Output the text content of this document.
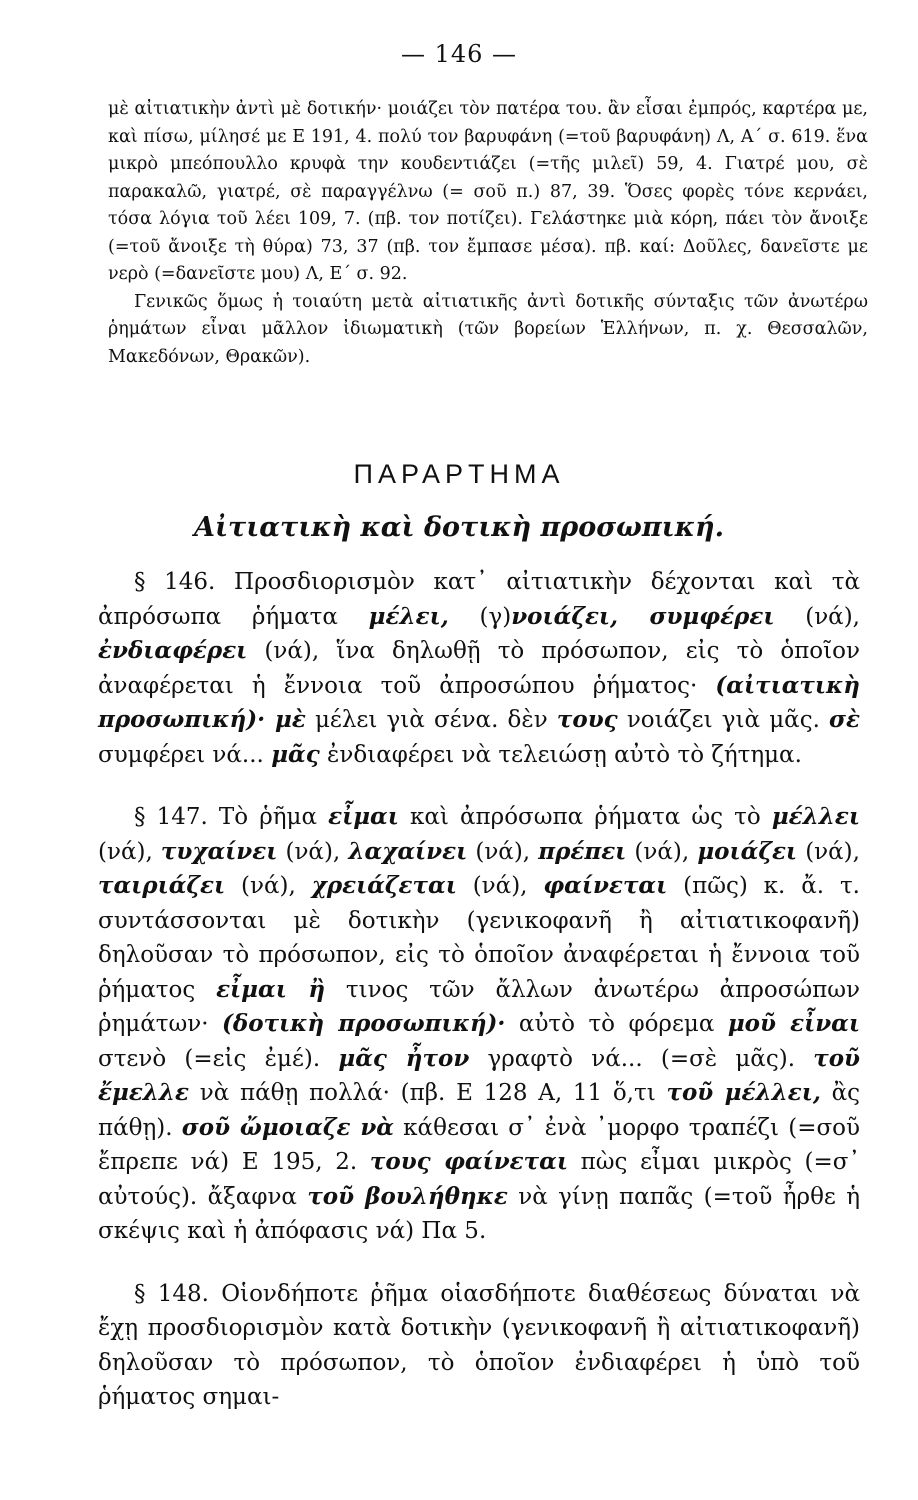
— 146 —

μὲ αἰτιατικὴν ἀντὶ μὲ δοτικήν· μοιάζει τὸν πατέρα του. ἂν εἶσαι ἐμπρός, καρτέρα με, καὶ πίσω, μίλησέ με Ε 191, 4. πολύ τον βαρυφάνη (=τοῦ βαρυφάνη) Λ, Α΄ σ. 619. ἕνα μικρὸ μπεόπουλλο κρυφὰ την κουδεντιάζει (=τῆς μιλεῖ) 59, 4. Γιατρέ μου, σὲ παρακαλῶ, γιατρέ, σὲ παραγγέλνω (= σοῦ π.) 87, 39. Ὅσες φορὲς τόνε κερνάει, τόσα λόγια τοῦ λέει 109, 7. (πβ. τον ποτίζει). Γελάστηκε μιὰ κόρη, πάει τὸν ἄνοιξε (=τοῦ ἄνοιξε τὴ θύρα) 73, 37 (πβ. τον ἔμπασε μέσα). πβ. καί: Δοῦλες, δανεῖστε με νερὸ (=δανεῖστε μου) Λ, Ε΄ σ. 92.

Γενικῶς ὅμως ἡ τοιαύτη μετὰ αἰτιατικῆς ἀντὶ δοτικῆς σύνταξις τῶν ἀνωτέρω ῥημάτων εἶναι μᾶλλον ἰδιωματικὴ (τῶν βορείων Ἑλλήνων, π. χ. Θεσσαλῶν, Μακεδόνων, Θρακῶν).

ΠΑΡΑΡΤΗΜΑ
Αἰτιατικὴ καὶ δοτικὴ προσωπική.

§ 146. Προσδιορισμὸν κατ᾽ αἰτιατικὴν δέχονται καὶ τὰ ἀπρόσωπα ῥήματα μέλει, (γ)νοιάζει, συμφέρει (νά), ἐνδιαφέρει (νά), ἵνα δηλωθῇ τὸ πρόσωπον, εἰς τὸ ὁποῖον ἀναφέρεται ἡ ἔννοια τοῦ ἀπροσώπου ῥήματος· (αἰτιατικὴ προσωπική)· μὲ μέλει γιὰ σένα. δὲν τους νοιάζει γιὰ μᾶς. σὲ συμφέρει νά... μᾶς ἐνδιαφέρει νὰ τελειώσῃ αὐτὸ τὸ ζήτημα.

§ 147. Τὸ ῥῆμα εἶμαι καὶ ἀπρόσωπα ῥήματα ὡς τὸ μέλλει (νά), τυχαίνει (νά), λαχαίνει (νά), πρέπει (νά), μοιάζει (νά), ταιριάζει (νά), χρειάζεται (νά), φαίνεται (πῶς) κ. ἄ. τ. συντάσσονται μὲ δοτικὴν (γενικοφανῆ ἢ αἰτιατικοφανῆ) δηλοῦσαν τὸ πρόσωπον, εἰς τὸ ὁποῖον ἀναφέρεται ἡ ἔννοια τοῦ ῥήματος εἶμαι ἢ τινος τῶν ἄλλων ἀνωτέρω ἀπροσώπων ῥημάτων· (δοτικὴ προσωπική)· αὐτὸ τὸ φόρεμα μοῦ εἶναι στενὸ (=εἰς ἐμέ). μᾶς ἦτον γραφτὸ νά... (=σὲ μᾶς). τοῦ ἔμελλε νὰ πάθῃ πολλά· (πβ. Ε 128 Α, 11 ὅ,τι τοῦ μέλλει, ἂς πάθῃ). σοῦ ὤμοιαζε νὰ κάθεσαι σ᾽ ἐνὰ ᾽μορφο τραπέζι (=σοῦ ἔπρεπε νά) Ε 195, 2. τους φαίνεται πὼς εἶμαι μικρὸς (=σ᾽ αὐτούς). ἄξαφνα τοῦ βουλήθηκε νὰ γίνῃ παπᾶς (=τοῦ ἦρθε ἡ σκέψις καὶ ἡ ἀπόφασις νά) Πα 5.

§ 148. Οἱονδήποτε ῥῆμα οἱασδήποτε διαθέσεως δύναται νὰ ἔχῃ προσδιορισμὸν κατὰ δοτικὴν (γενικοφανῆ ἢ αἰτιατικοφανῆ) δηλοῦσαν τὸ πρόσωπον, τὸ ὁποῖον ἐνδιαφέρει ἡ ὑπὸ τοῦ ῥήματος σημαι-
